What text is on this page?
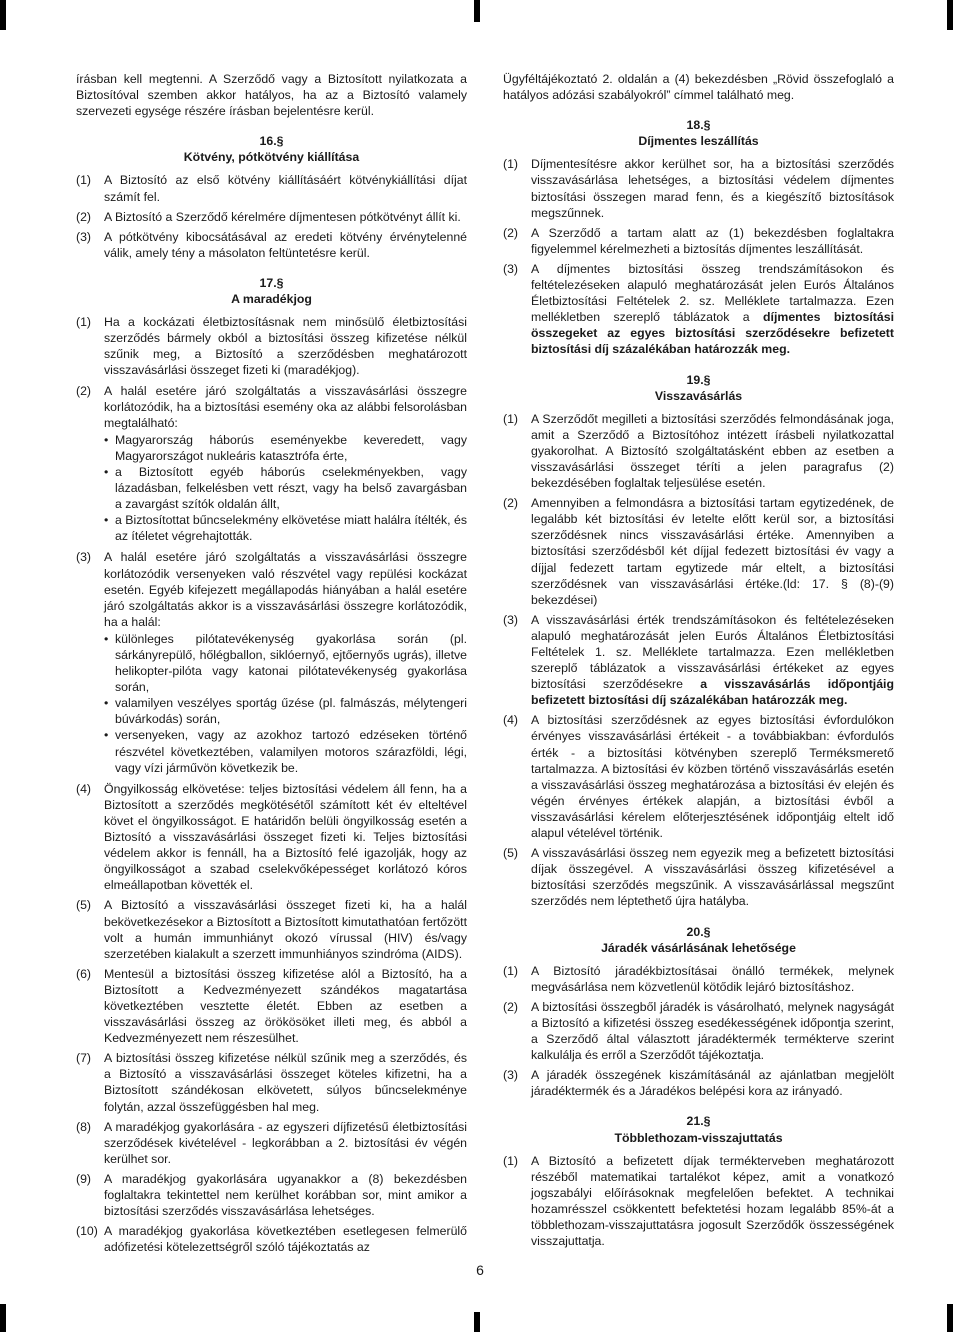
írásban kell megtenni. A Szerződő vagy a Biztosított nyilatkozata a Biztosítóval szemben akkor hatályos, ha az a Biztosító valamely szervezeti egysége részére írásban bejelentésre kerül.

16.§
Kötvény, pótkötvény kiállítása
(1)	A Biztosító az első kötvény kiállításáért kötvénykiállítási díjat számít fel.
(2)	A Biztosító a Szerződő kérelmére díjmentesen pótkötvényt állít ki.
(3)	A pótkötvény kibocsátásával az eredeti kötvény érvénytelenné válik, amely tény a másolaton feltüntetésre kerül.
17.§
A maradékjog
(1)	Ha a kockázati életbiztosításnak nem minősülő életbiztosítási szerződés bármely okból a biztosítási összeg kifizetése nélkül szűnik meg, a Biztosító a szerződésben meghatározott visszavásárlási összeget fizeti ki (maradékjog).
(2)	A halál esetére járó szolgáltatás a visszavásárlási összegre korlátozódik, ha a biztosítási esemény oka az alábbi felsorolásban megtalálható:

• Magyarország háborús eseményekbe keveredett, vagy Magyarországot nukleáris katasztrófa érte,
• a Biztosított egyéb háborús cselekményekben, vagy lázadásban, felkelésben vett részt, vagy ha belső zavargásban a zavargást szítók oldalán állt,
• a Biztosítottat bűncselekmény elkövetése miatt halálra ítélték, és az ítéletet végrehajtották.
(3)	A halál esetére járó szolgáltatás a visszavásárlási összegre korlátozódik versenyeken való részvétel vagy repülési kockázat esetén. Egyéb kifejezett megállapodás hiányában a halál esetére járó szolgáltatás akkor is a visszavásárlási összegre korlátozódik, ha a halál:

• különleges pilótatevékenység gyakorlása során (pl. sárkányrepülő, hőlégballon, siklóernyő, ejtőernyős ugrás), illetve helikopter-pilóta vagy katonai pilótatevékenység gyakorlása során,
• valamilyen veszélyes sportág űzése (pl. falmászás, mélytengeri búvárkodás) során,
• versenyeken, vagy az azokhoz tartozó edzéseken történő részvétel következtében, valamilyen motoros szárazföldi, légi, vagy vízi járművön következik be.
(4)	Öngyilkosság elkövetése: teljes biztosítási védelem áll fenn, ha a Biztosított a szerződés megkötésétől számított két év elteltével követ el öngyilkosságot. E határidőn belüli öngyilkosság esetén a Biztosító a visszavásárlási összeget fizeti ki. Teljes biztosítási védelem akkor is fennáll, ha a Biztosító felé igazolják, hogy az öngyilkosságot a szabad cselekvőképességet korlátozó kóros elmeállapotban követték el.
(5)	A Biztosító a visszavásárlási összeget fizeti ki, ha a halál bekövetkezésekor a Biztosított a Biztosított kimutathatóan fertőzött volt a humán immunhiányt okozó vírussal (HIV) és/vagy szerzetében kialakult a szerzett immunhiányos szindróma (AIDS).
(6)	Mentesül a biztosítási összeg kifizetése alól a Biztosító, ha a Biztosított a Kedvezményezett szándékos magatartása következtében vesztette életét. Ebben az esetben a visszavásárlási összeg az örökösöket illeti meg, és abból a Kedvezményezett nem részesülhet.
(7)	A biztosítási összeg kifizetése nélkül szűnik meg a szerződés, és a Biztosító a visszavásárlási összeget köteles kifizetni, ha a Biztosított szándékosan elkövetett, súlyos bűncselekménye folytán, azzal összefüggésben hal meg.
(8)	A maradékjog gyakorlására - az egyszeri díjfizetésű életbiztosítási szerződések kivételével - legkorábban a 2. biztosítási év végén kerülhet sor.
(9)	A maradékjog gyakorlására ugyanakkor a (8) bekezdésben foglaltakra tekintettel nem kerülhet korábban sor, mint amikor a biztosítási szerződés visszavásárlása lehetséges.
(10) A maradékjog gyakorlása következtében esetlegesen felmerülő adófizetési kötelezettségről szóló tájékoztatás az

Ügyféltájékoztató 2. oldalán a (4) bekezdésben „Rövid összefoglaló a hatályos adózási szabályokról” címmel található meg.

18.§
Díjmentes leszállítás
(1)	Díjmentesítésre akkor kerülhet sor, ha a biztosítási szerződés visszavásárlása lehetséges, a biztosítási védelem díjmentes biztosítási összegen marad fenn, és a kiegészítő biztosítások megszűnnek.
(2)	A Szerződő a tartam alatt az (1) bekezdésben foglaltakra figyelemmel kérelmezheti a biztosítás díjmentes leszállítását.
(3)	A díjmentes biztosítási összeg trendszámításokon és feltételezéseken alapuló meghatározását jelen Eurós Általános Életbiztosítási Feltételek 2. sz. Melléklete tartalmazza. Ezen mellékletben szereplő táblázatok a díjmentes biztosítási összegeket az egyes biztosítási szerződésekre befizetett biztosítási díj százalékában határozzák meg.
19.§
Visszavásárlás
(1)	A Szerződőt megilleti a biztosítási szerződés felmondásának joga, amit a Szerződő a Biztosítóhoz intézett írásbeli nyilatkozattal gyakorolhat. A Biztosító szolgáltatásként ebben az esetben a visszavásárlási összeget téríti a jelen paragrafus (2) bekezdésében foglaltak teljesülése esetén.
(2)	Amennyiben a felmondásra a biztosítási tartam egytizedének, de legalább két biztosítási év letelte előtt kerül sor, a biztosítási szerződésnek nincs visszavásárlási értéke. Amennyiben a biztosítási szerződésből két díjjal fedezett biztosítási év vagy a díjjal fedezett tartam egytizede már eltelt, a biztosítási szerződésnek van visszavásárlási értéke.(ld: 17. § (8)-(9) bekezdései)
(3)	A visszavásárlási érték trendszámításokon és feltételezéseken alapuló meghatározását jelen Eurós Általános Életbiztosítási Feltételek 1. sz. Melléklete tartalmazza. Ezen mellékletben szereplő táblázatok a visszavásárlási értékeket az egyes biztosítási szerződésekre a visszavásárlás időpontjáig befizetett biztosítási díj százalékában határozzák meg.
(4)	A biztosítási szerződésnek az egyes biztosítási évfordulókon érvényes visszavásárlási értékeit - a továbbiakban: évfordulós érték - a biztosítási kötvényben szereplő Terméksmerető tartalmazza. A biztosítási év közben történő visszavásárlás esetén a visszavásárlási összeg meghatározása a biztosítási év elején és végén érvényes értékek alapján, a biztosítási évből a visszavásárlási kérelem előterjesztésének időpontjáig eltelt idő alapul vételével történik.
(5)	A visszavásárlási összeg nem egyezik meg a befizetett biztosítási díjak összegével. A visszavásárlási összeg kifizetésével a biztosítási szerződés megszűnik. A visszavásárlással megszűnt szerződés nem léptethető újra hatályba.
20.§
Járadék vásárlásának lehetősége
(1)	A Biztosító járadékbiztosításai önálló termékek, melynek megvásárlása nem közvetlenül kötődik lejáró biztosításhoz.
(2)	A biztosítási összegből járadék is vásárolható, melynek nagyságát a Biztosító a kifizetési összeg esedékességének időpontja szerint, a Szerződő által választott járadéktermék termékterve szerint kalkulálja és erről a Szerződőt tájékoztatja.
(3)	A járadék összegének kiszámításánál az ajánlatban megjelölt járadéktermék és a Járadékos belépési kora az irányadó.
21.§
Többlethozam-visszajuttatás
(1)	A Biztosító a befizetett díjak termékterveben meghatározott részéből matematikai tartalékot képez, amit a vonatkozó jogszabályi előírásoknak megfelelően befektet. A technikai hozamrésszel csökkentett befektetési hozam legalább 85%-át a többlethozam-visszajuttatásra jogosult Szerződők összességének visszajuttatja.
6
